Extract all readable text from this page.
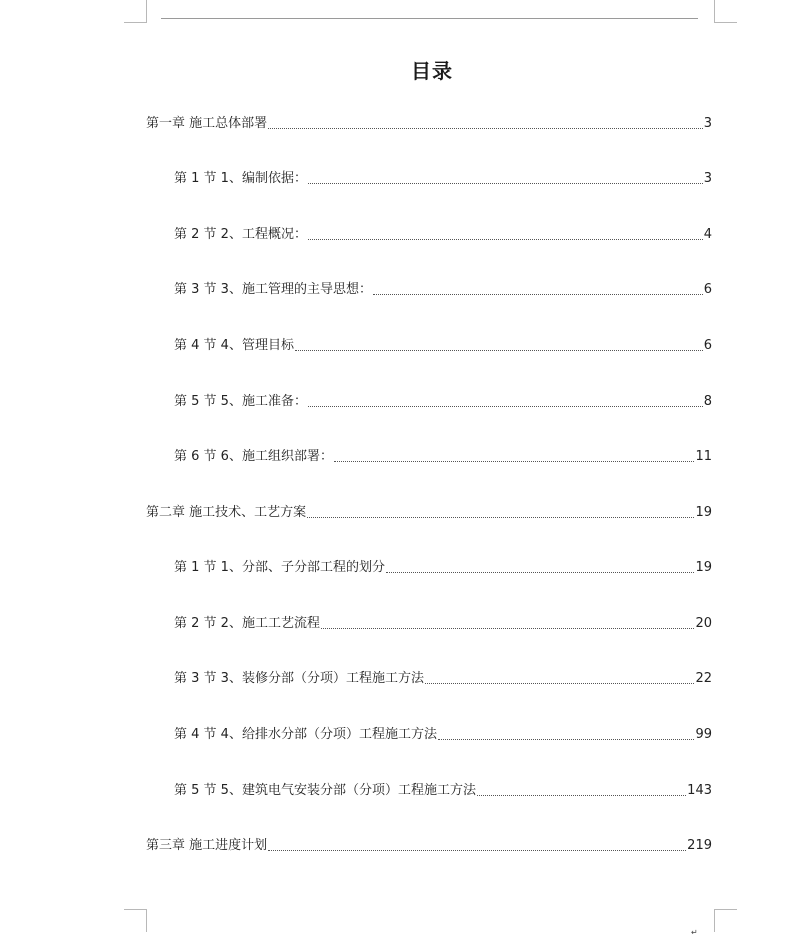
目录
第一章 施工总体部署	3
第 1 节 1、编制依据：	3
第 2 节 2、工程概况：	4
第 3 节 3、施工管理的主导思想：	6
第 4 节 4、管理目标	6
第 5 节 5、施工准备：	8
第 6 节 6、施工组织部署：	11
第二章 施工技术、工艺方案	19
第 1 节 1、分部、子分部工程的划分	19
第 2 节 2、施工工艺流程	20
第 3 节 3、装修分部（分项）工程施工方法	22
第 4 节 4、给排水分部（分项）工程施工方法	99
第 5 节 5、建筑电气安装分部（分项）工程施工方法	143
第三章 施工进度计划	219
↵
